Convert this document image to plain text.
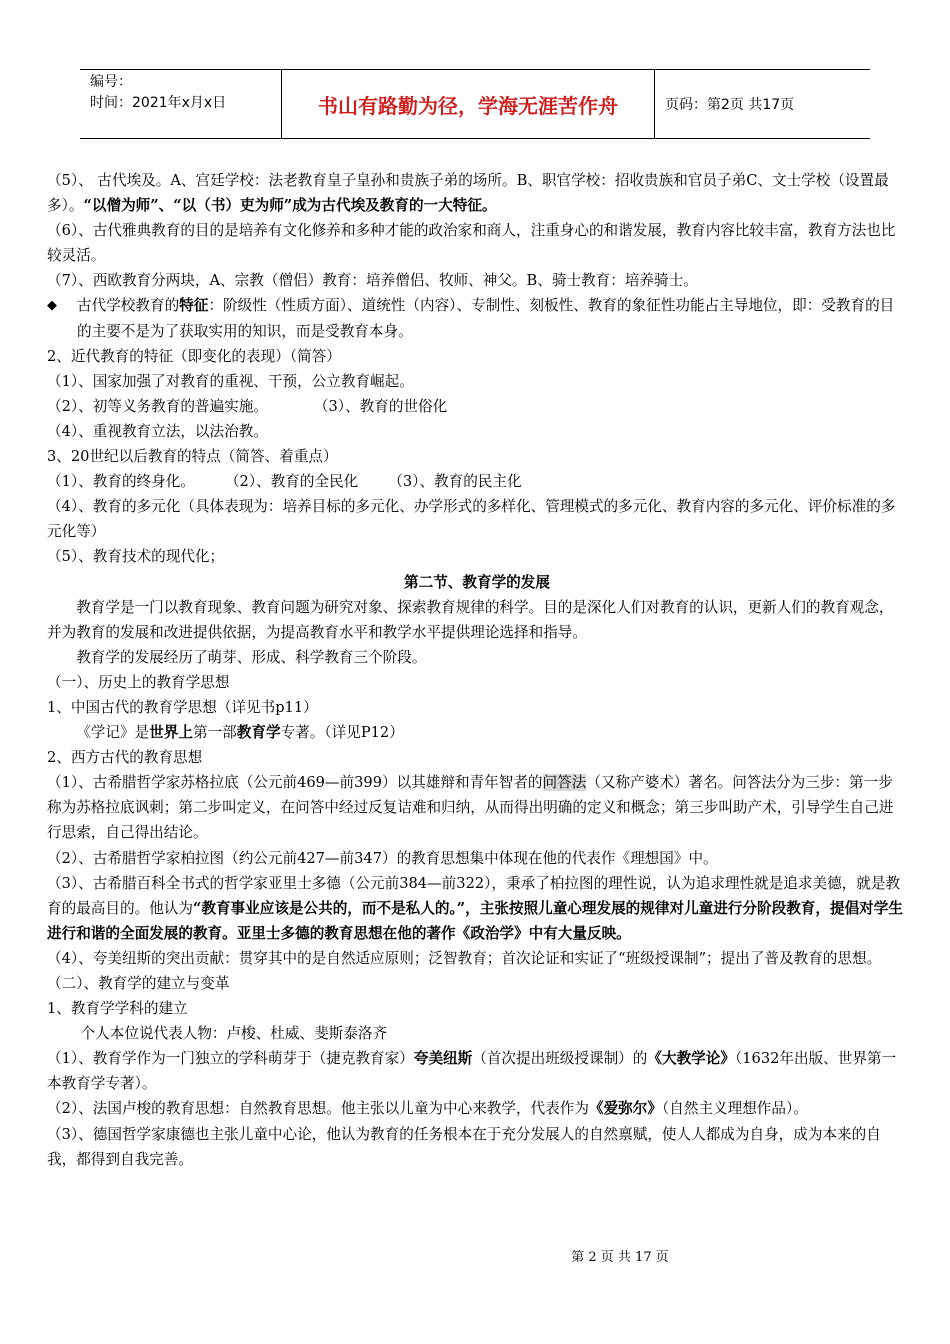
编号：
时间：2021年x月x日	书山有路勤为径，学海无涯苦作舟	页码：第2页 共17页

（5）、 古代埃及。A、宫廷学校：法老教育皇子皇孙和贵族子弟的场所。B、职官学校：招收贵族和官员子弟C、文士学校（设置最多）。“以僧为师”、“以（书）吏为师”成为古代埃及教育的一大特征。

（6）、古代雅典教育的目的是培养有文化修养和多种才能的政治家和商人，注重身心的和谐发展，教育内容比较丰富，教育方法也比较灵活。

（7）、西欧教育分两块，A、宗教（僧侣）教育：培养僧侣、牧师、神父。B、骑士教育：培养骑士。

◆	古代学校教育的特征：阶级性（性质方面）、道统性（内容）、专制性、刻板性、教育的象征性功能占主导地位，即：受教育的目的主要不是为了获取实用的知识，而是受教育本身。

2、近代教育的特征（即变化的表现）（简答）

（1）、国家加强了对教育的重视、干预，公立教育崛起。

（2）、初等义务教育的普遍实施。	（3）、教育的世俗化

（4）、重视教育立法，以法治教。

3、20世纪以后教育的特点（简答、着重点）

（1）、教育的终身化。 （2）、教育的全民化 （3）、教育的民主化

（4）、教育的多元化（具体表现为：培养目标的多元化、办学形式的多样化、管理模式的多元化、教育内容的多元化、评价标准的多元化等）

（5）、教育技术的现代化；

第二节、教育学的发展

教育学是一门以教育现象、教育问题为研究对象、探索教育规律的科学。目的是深化人们对教育的认识，更新人们的教育观念，并为教育的发展和改进提供依据，为提高教育水平和教学水平提供理论选择和指导。

教育学的发展经历了萌芽、形成、科学教育三个阶段。

（一）、历史上的教育学思想

1、中国古代的教育学思想（详见书p11）

《学记》是世界上第一部教育学专著。（详见P12）

2、西方古代的教育思想

（1）、古希腊哲学家苏格拉底（公元前469—前399）以其雄辩和青年智者的问答法（又称产婆术）著名。问答法分为三步：第一步称为苏格拉底讽刺；第二步叫定义，在问答中经过反复诘难和归纳，从而得出明确的定义和概念；第三步叫助产术，引导学生自己进行思索，自己得出结论。

（2）、古希腊哲学家柏拉图（约公元前427—前347）的教育思想集中体现在他的代表作《理想国》中。

（3）、古希腊百科全书式的哲学家亚里士多德（公元前384—前322），秉承了柏拉图的理性说，认为追求理性就是追求美德，就是教育的最高目的。他认为“教育事业应该是公共的，而不是私人的。”，主张按照儿童心理发展的规律对儿童进行分阶段教育，提倡对学生进行和谐的全面发展的教育。亚里士多德的教育思想在他的著作《政治学》中有大量反映。

（4）、夸美纽斯的突出贡献：贯穿其中的是自然适应原则；泛智教育；首次论证和实证了“班级授课制”；提出了普及教育的思想。

（二）、教育学的建立与变革

1、教育学学科的建立

个人本位说代表人物：卢梭、杜威、斐斯泰洛齐

（1）、教育学作为一门独立的学科萌芽于（捷克教育家）夸美纽斯（首次提出班级授课制）的《大教学论》（1632年出版、世界第一本教育学专著）。

（2）、法国卢梭的教育思想：自然教育思想。他主张以儿童为中心来教学，代表作为《爱弥尔》（自然主义理想作品）。

（3）、德国哲学家康德也主张儿童中心论，他认为教育的任务根本在于充分发展人的自然禀赋，使人人都成为自身，成为本来的自我，都得到自我完善。

第 2 页 共 17 页
